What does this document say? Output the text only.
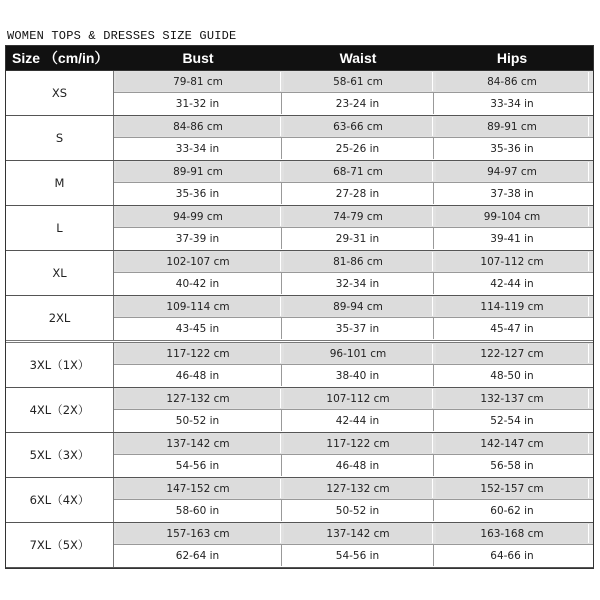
WOMEN TOPS & DRESSES SIZE GUIDE
Size （cm/in）	Bust	Waist	Hips
XS
79-81 cm	58-61 cm	84-86 cm
31-32 in	23-24 in	33-34 in
S
84-86 cm	63-66 cm	89-91 cm
33-34 in	25-26 in	35-36 in
M
89-91 cm	68-71 cm	94-97 cm
35-36 in	27-28 in	37-38 in
L
94-99 cm	74-79 cm	99-104 cm
37-39 in	29-31 in	39-41 in
XL
102-107 cm	81-86 cm	107-112 cm
40-42 in	32-34 in	42-44 in
2XL
109-114 cm	89-94 cm	114-119 cm
43-45 in	35-37 in	45-47 in
3XL（1X）
117-122 cm	96-101 cm	122-127 cm
46-48 in	38-40 in	48-50 in
4XL（2X）
127-132 cm	107-112 cm	132-137 cm
50-52 in	42-44 in	52-54 in
5XL（3X）
137-142 cm	117-122 cm	142-147 cm
54-56 in	46-48 in	56-58 in
6XL（4X）
147-152 cm	127-132 cm	152-157 cm
58-60 in	50-52 in	60-62 in
7XL（5X）
157-163 cm	137-142 cm	163-168 cm
62-64 in	54-56 in	64-66 in
